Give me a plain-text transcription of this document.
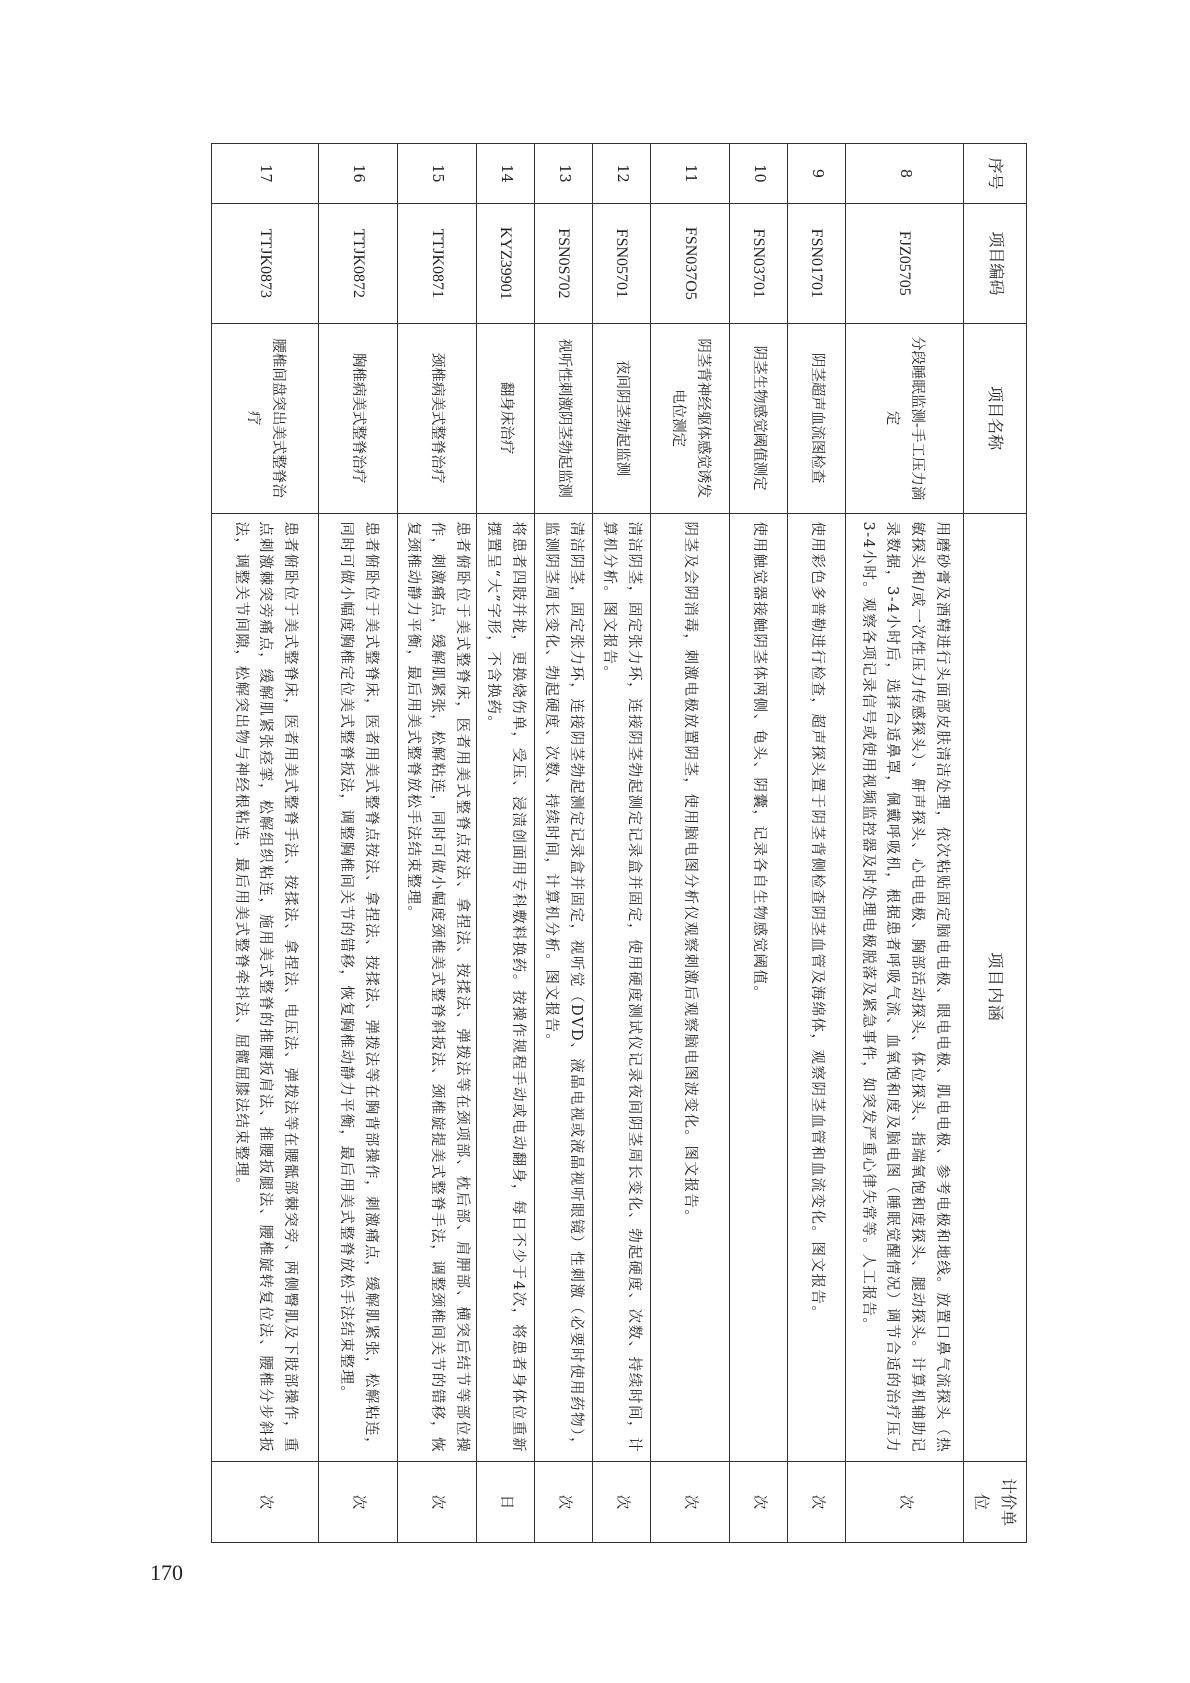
序号
项目编码
项目名称
项目内涵
计价单位
8
FJZ05705
分段睡眠监测-手工压力滴定
用磨砂膏及酒精进行头面部皮肤清洁处理，依次粘贴固定脑电电极、眼电电极、肌电电极、参考电极和地线。放置口鼻气流探头（热敏探头和/或一次性压力传感探头）、鼾声探头、心电电极、胸部活动探头、体位探头、指端氧饱和度探头、腿动探头。计算机辅助记录数据，3-4小时后，选择合适鼻罩，佩戴呼吸机，根据患者呼吸气流、血氧饱和度及脑电图（睡眠觉醒情况）调节合适的治疗压力3-4小时。观察各项记录信号或使用视频监控器及时处理电极脱落及紧急事件，如突发严重心律失常等。人工报告。
次
9
FSN01701
阴茎超声血流图检查
使用彩色多普勒进行检查，超声探头置于阴茎背侧检查阴茎血管及海绵体，观察阴茎血管和血流变化。图文报告。
次
10
FSN03701
阴茎生物感觉阈值测定
使用触觉器接触阴茎体两侧、龟头、阴囊，记录各自生物感觉阈值。
次
11
FSN037O5
阴茎背神经躯体感觉诱发电位测定
阴茎及会阴消毒，刺激电极放置阴茎，使用脑电图分析仪观察刺激后观察脑电图波变化。图文报告。
次
12
FSN05701
夜间阴茎勃起监测
清洁阴茎，固定张力环，连接阴茎勃起测定记录盒并固定，使用硬度测试仪记录夜间阴茎周长变化、勃起硬度、次数、持续时间，计算机分析。图文报告。
次
13
FSN0S702
视听性刺激阴茎勃起监测
清洁阴茎，固定张力环，连接阴茎勃起测定记录盒并固定，视听觉（DVD、液晶电视或液晶视听眼镜）性刺激（必要时使用药物），监测阴茎周长变化、勃起硬度、次数、持续时间，计算机分析。图文报告。
次
14
KYZ39901
翻身床治疗
将患者四肢并拢，更换烧伤单，受压、浸渍创面用专科敷料换药。按操作规程手动或电动翻身，每日不少于4次，将患者身体位重新摆置呈“大”字形，不含换药。
日
15
TTJK0871
颈椎病美式整脊治疗
患者俯卧位于美式整脊床，医者用美式整脊点按法、拿捏法、按揉法、弹拨法等在颈项部、枕后部、肩胛部、横突后结节等部位操作，刺激痛点，缓解肌紧张，松解粘连，同时可做小幅度颈椎美式整脊斜扳法、颈椎旋提美式整脊手法，调整颈椎间关节的错移，恢复颈椎动静力平衡，最后用美式整脊放松手法结束整理。
次
16
TTJK0872
胸椎病美式整脊治疗
患者俯卧位于美式整脊床，医者用美式整脊点按法、拿捏法、按揉法、弹拨法等在胸背部操作，刺激痛点，缓解肌紧张，松解粘连，同时可做小幅度胸椎定位美式整脊扳法，调整胸椎间关节的错移，恢复胸椎动静力平衡，最后用美式整脊放松手法结束整理。
次
17
TTJK0873
腰椎间盘突出美式整脊治疗
患者俯卧位于美式整脊床，医者用美式整脊手法、按揉法、拿捏法、电压法、弹拨法等在腰骶部棘突旁、两侧臀肌及下肢部操作，重点刺激棘突旁痛点，缓解肌紧张痉挛，松解组织粘连，施用美式整脊的推腰扳肩法、推腰扳腿法、腰椎旋转复位法、腰椎分步斜扳法，调整关节间隙，松解突出物与神经根粘连，最后用美式整脊牵抖法、屈髋屈膝法结束整理。
次
170
